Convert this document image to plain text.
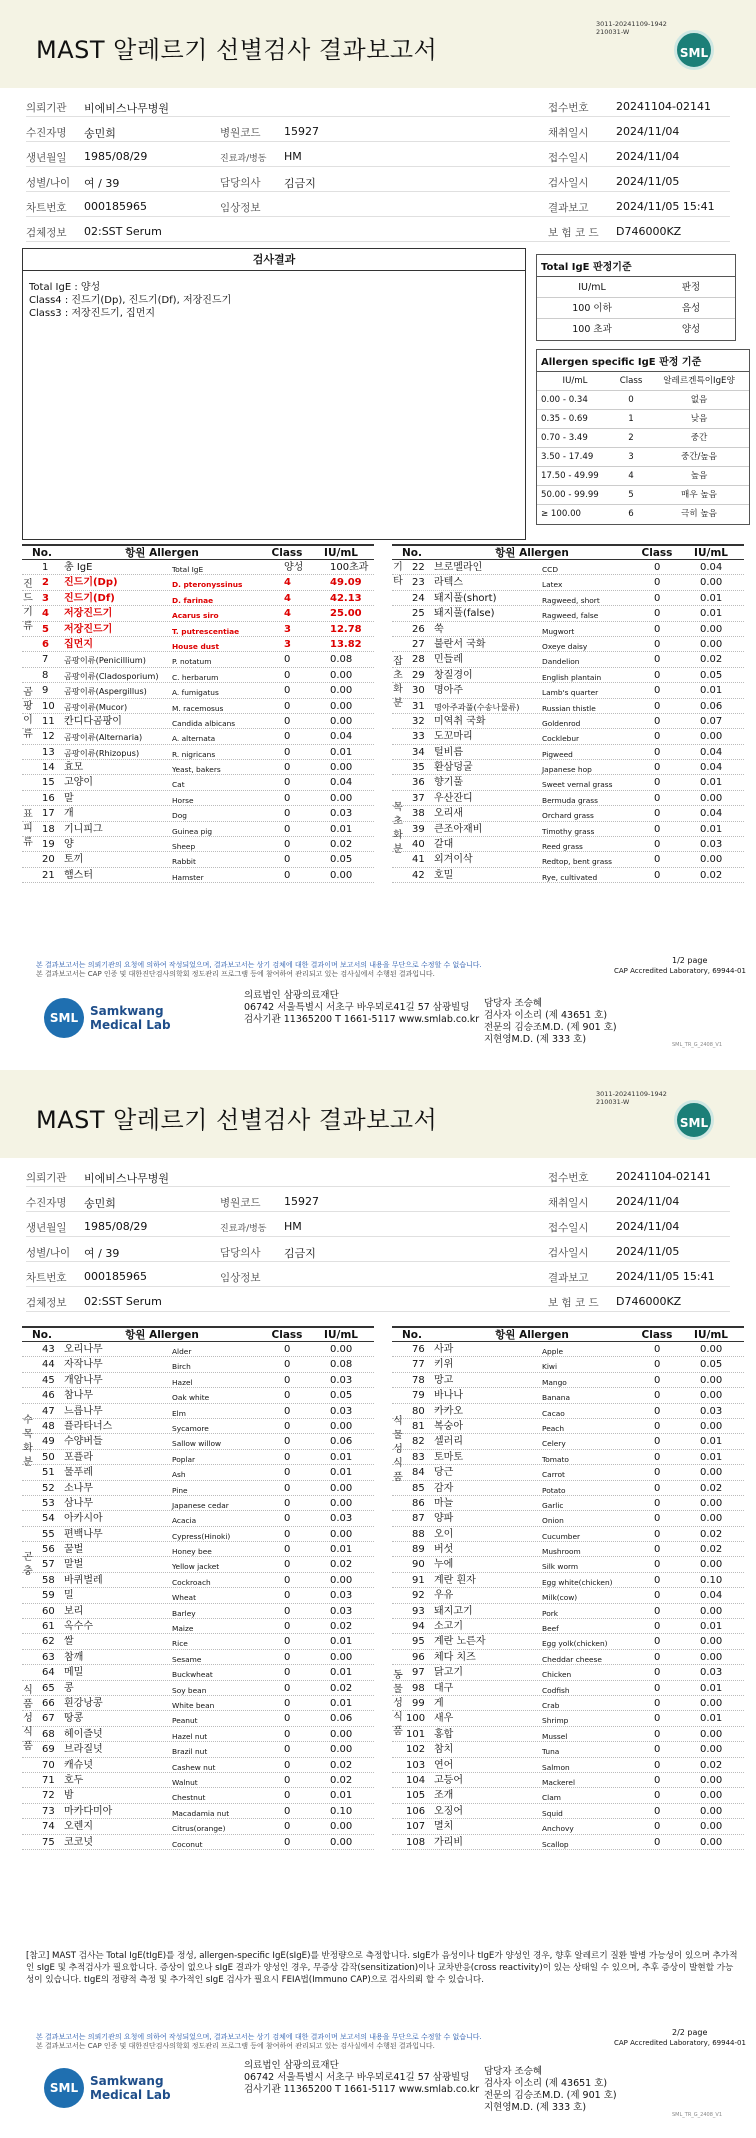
MAST 알레르기 선별검사 결과보고서
3011-20241109-1942
210031-W
SML
의뢰기관 비에비스나무병원	접수번호 20241104-02141
수진자명 송민희	병원코드 15927	채취일시 2024/11/04
생년월일 1985/08/29	진료과/병동 HM	접수일시 2024/11/04
성별/나이 여 / 39	담당의사 김금지	검사일시 2024/11/05
차트번호 000185965	임상정보	결과보고 2024/11/05 15:41
검체정보 02:SST Serum	보 험 코 드 D746000KZ
검사결과
Total IgE : 양성
Class4 : 진드기(Dp), 진드기(Df), 저장진드기
Class3 : 저장진드기, 집먼지
Total IgE 판정기준
IU/mL	판정
100 이하	음성
100 초과	양성
Allergen specific IgE 판정 기준
IU/mL	Class	알레르겐특이IgE양
0.00 - 0.34	0	없음
0.35 - 0.69	1	낮음
0.70 - 3.49	2	중간
3.50 - 17.49	3	중간/높음
17.50 - 49.99	4	높음
50.00 - 99.99	5	매우 높음
≥ 100.00	6	극히 높음
No.	항원 Allergen	Class	IU/mL
1 총 IgE	Total IgE	양성	100초과
2 진드기(Dp)	D. pteronyssinus	4	49.09
3 진드기(Df)	D. farinae	4	42.13
4 저장진드기	Acarus siro	4	25.00
5 저장진드기	T. putrescentiae	3	12.78
6 집먼지	House dust	3	13.82
7 곰팡이류(Penicillium)	P. notatum	0	0.08
8 곰팡이류(Cladosporium) C. herbarum	0	0.00
9 곰팡이류(Aspergillus)	A. fumigatus	0	0.00
10 곰팡이류(Mucor)	M. racemosus	0	0.00
11 칸디다곰팡이	Candida albicans	0	0.00
12 곰팡이류(Alternaria)	A. alternata	0	0.04
13 곰팡이류(Rhizopus)	R. nigricans	0	0.01
14 효모	Yeast, bakers	0	0.00
15 고양이	Cat	0	0.04
16 말	Horse	0	0.00
17 개	Dog	0	0.03
18 기니피그	Guinea pig	0	0.01
19 양	Sheep	0	0.02
20 토끼	Rabbit	0	0.05
21 햄스터	Hamster	0	0.00
진
드
기
류
곰
팡
이
류
표
피
류
No.	항원 Allergen	Class	IU/mL
22 브로멜라인	CCD	0	0.04
23 라텍스	Latex	0	0.00
24 돼지풀(short)	Ragweed, short	0	0.01
25 돼지풀(false)	Ragweed, false	0	0.01
26 쑥	Mugwort	0	0.00
27 불란서 국화	Oxeye daisy	0	0.00
28 민들레	Dandelion	0	0.02
29 창질경이	English plantain	0	0.05
30 명아주	Lamb's quarter	0	0.01
31 명아주과풀(수송나물류)	Russian thistle	0	0.06
32 미역취 국화	Goldenrod	0	0.07
33 도꼬마리	Cocklebur	0	0.00
34 털비름	Pigweed	0	0.04
35 환삼덩굴	Japanese hop	0	0.04
36 향기풀	Sweet vernal grass	0	0.01
37 우산잔디	Bermuda grass	0	0.00
38 오리새	Orchard grass	0	0.04
39 큰조아재비	Timothy grass	0	0.01
40 갈대	Reed grass	0	0.03
41 외겨이삭	Redtop, bent grass	0	0.00
42 호밀	Rye, cultivated	0	0.02
기
타
잡
초
화
분
목
초
화
분
본 결과보고서는 의뢰기관의 요청에 의하여 작성되었으며, 결과보고서는 상기 검체에 대한 결과이며 보고서의 내용을 무단으로 수정할 수 없습니다.
본 결과보고서는 CAP 인증 및 대한진단검사의학회 정도관리 프로그램 등에 참여하여 관리되고 있는 검사실에서 수행된 결과입니다.
1/2 page
CAP Accredited Laboratory, 69944-01
SML Samkwang
Medical Lab
의료법인 삼광의료재단
06742 서울특별시 서초구 바우뫼로41길 57 삼광빌딩
검사기관 11365200 T 1661-5117 www.smlab.co.kr
담당자 조승혜
검사자 이소리 (제 43651 호)
전문의 김승조M.D. (제 901 호)
지현영M.D. (제 333 호)	SML_TR_G_2408_V1
MAST 알레르기 선별검사 결과보고서
3011-20241109-1942
210031-W
SML
의뢰기관 비에비스나무병원	접수번호 20241104-02141
수진자명 송민희	병원코드 15927	채취일시 2024/11/04
생년월일 1985/08/29	진료과/병동 HM	접수일시 2024/11/04
성별/나이 여 / 39	담당의사 김금지	검사일시 2024/11/05
차트번호 000185965	임상정보	결과보고 2024/11/05 15:41
검체정보 02:SST Serum	보 험 코 드 D746000KZ
No.	항원 Allergen	Class	IU/mL
43 오리나무	Alder	0	0.00
44 자작나무	Birch	0	0.08
45 개암나무	Hazel	0	0.03
46 참나무	Oak white	0	0.05
47 느릅나무	Elm	0	0.03
48 플라타너스	Sycamore	0	0.00
49 수양버들	Sallow willow	0	0.06
50 포플라	Poplar	0	0.01
51 물푸레	Ash	0	0.01
52 소나무	Pine	0	0.00
53 삼나무	Japanese cedar	0	0.00
54 아카시아	Acacia	0	0.03
55 편백나무	Cypress(Hinoki)	0	0.00
56 꿀벌	Honey bee	0	0.01
57 말벌	Yellow jacket	0	0.02
58 바퀴벌레	Cockroach	0	0.00
59 밀	Wheat	0	0.03
60 보리	Barley	0	0.03
61 옥수수	Maize	0	0.02
62 쌀	Rice	0	0.01
63 참깨	Sesame	0	0.00
64 메밀	Buckwheat	0	0.01
65 콩	Soy bean	0	0.02
66 흰강낭콩	White bean	0	0.01
67 땅콩	Peanut	0	0.06
68 헤이즐넛	Hazel nut	0	0.00
69 브라질넛	Brazil nut	0	0.00
70 캐슈넛	Cashew nut	0	0.02
71 호두	Walnut	0	0.02
72 밤	Chestnut	0	0.01
73 마카다미아	Macadamia nut	0	0.10
74 오렌지	Citrus(orange)	0	0.00
75 코코넛	Coconut	0	0.00
수
목
화
분
곤
충
식
품
성
식
품
No.	항원 Allergen	Class	IU/mL
76 사과	Apple	0	0.00
77 키위	Kiwi	0	0.05
78 망고	Mango	0	0.00
79 바나나	Banana	0	0.00
80 카카오	Cacao	0	0.03
81 복숭아	Peach	0	0.00
82 셀러리	Celery	0	0.01
83 토마토	Tomato	0	0.01
84 당근	Carrot	0	0.00
85 감자	Potato	0	0.02
86 마늘	Garlic	0	0.00
87 양파	Onion	0	0.00
88 오이	Cucumber	0	0.02
89 버섯	Mushroom	0	0.02
90 누에	Silk worm	0	0.00
91 계란 흰자	Egg white(chicken)	0	0.10
92 우유	Milk(cow)	0	0.04
93 돼지고기	Pork	0	0.00
94 소고기	Beef	0	0.01
95 계란 노른자	Egg yolk(chicken)	0	0.00
96 체다 치즈	Cheddar cheese	0	0.00
97 닭고기	Chicken	0	0.03
98 대구	Codfish	0	0.01
99 게	Crab	0	0.00
100 새우	Shrimp	0	0.01
101 홍합	Mussel	0	0.00
102 참치	Tuna	0	0.00
103 연어	Salmon	0	0.02
104 고등어	Mackerel	0	0.00
105 조개	Clam	0	0.00
106 오징어	Squid	0	0.00
107 멸치	Anchovy	0	0.00
108 가리비	Scallop	0	0.00
식
물
성
식
품
동
물
성
식
품
[참고] MAST 검사는 Total IgE(tIgE)를 정성, allergen-specific IgE(sIgE)를 반정량으로 측정합니다. sIgE가 음성이나 tIgE가 양성인 경우, 향후 알레르기 질환 발병 가능성이 있으며 추가적인 sIgE 및 추적검사가 필요합니다. 증상이 없으나 sIgE 결과가 양성인 경우, 무증상 감작(sensitization)이나 교차반응(cross reactivity)이 있는 상태일 수 있으며, 추후 증상이 발현할 가능성이 있습니다. tIgE의 정량적 측정 및 추가적인 sIgE 검사가 필요시 FEIA법(Immuno CAP)으로 검사의뢰 할 수 있습니다.
본 결과보고서는 의뢰기관의 요청에 의하여 작성되었으며, 결과보고서는 상기 검체에 대한 결과이며 보고서의 내용을 무단으로 수정할 수 없습니다.
본 결과보고서는 CAP 인증 및 대한진단검사의학회 정도관리 프로그램 등에 참여하여 관리되고 있는 검사실에서 수행된 결과입니다.
2/2 page
CAP Accredited Laboratory, 69944-01
SML Samkwang
Medical Lab
의료법인 삼광의료재단
06742 서울특별시 서초구 바우뫼로41길 57 삼광빌딩
검사기관 11365200 T 1661-5117 www.smlab.co.kr
담당자 조승혜
검사자 이소리 (제 43651 호)
전문의 김승조M.D. (제 901 호)
지현영M.D. (제 333 호)
SML_TR_G_2408_V1
